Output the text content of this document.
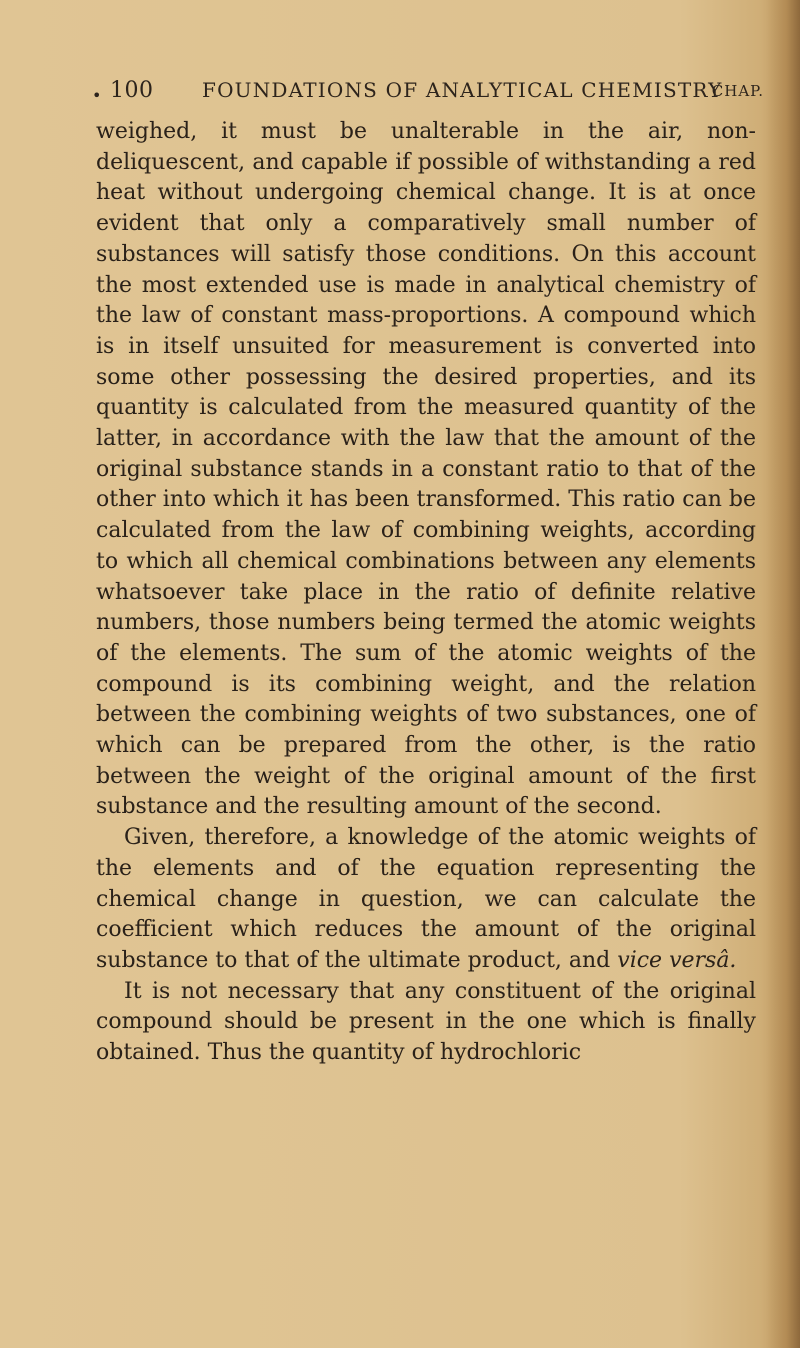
• 100 FOUNDATIONS OF ANALYTICAL CHEMISTRY
CHAP.

weighed, it must be unalterable in the air, non-deliquescent, and capable if possible of withstanding a red heat without undergoing chemical change. It is at once evident that only a comparatively small number of substances will satisfy those conditions. On this account the most extended use is made in analytical chemistry of the law of constant mass-proportions. A compound which is in itself unsuited for measurement is converted into some other possessing the desired properties, and its quantity is calculated from the measured quantity of the latter, in accordance with the law that the amount of the original substance stands in a constant ratio to that of the other into which it has been transformed. This ratio can be calculated from the law of combining weights, according to which all chemical combinations between any elements whatsoever take place in the ratio of definite relative numbers, those numbers being termed the atomic weights of the elements. The sum of the atomic weights of the compound is its combining weight, and the relation between the combining weights of two substances, one of which can be prepared from the other, is the ratio between the weight of the original amount of the first substance and the resulting amount of the second.

Given, therefore, a knowledge of the atomic weights of the elements and of the equation representing the chemical change in question, we can calculate the coefficient which reduces the amount of the original substance to that of the ultimate product, and vice versâ.

It is not necessary that any constituent of the original compound should be present in the one which is finally obtained. Thus the quantity of hydrochloric
